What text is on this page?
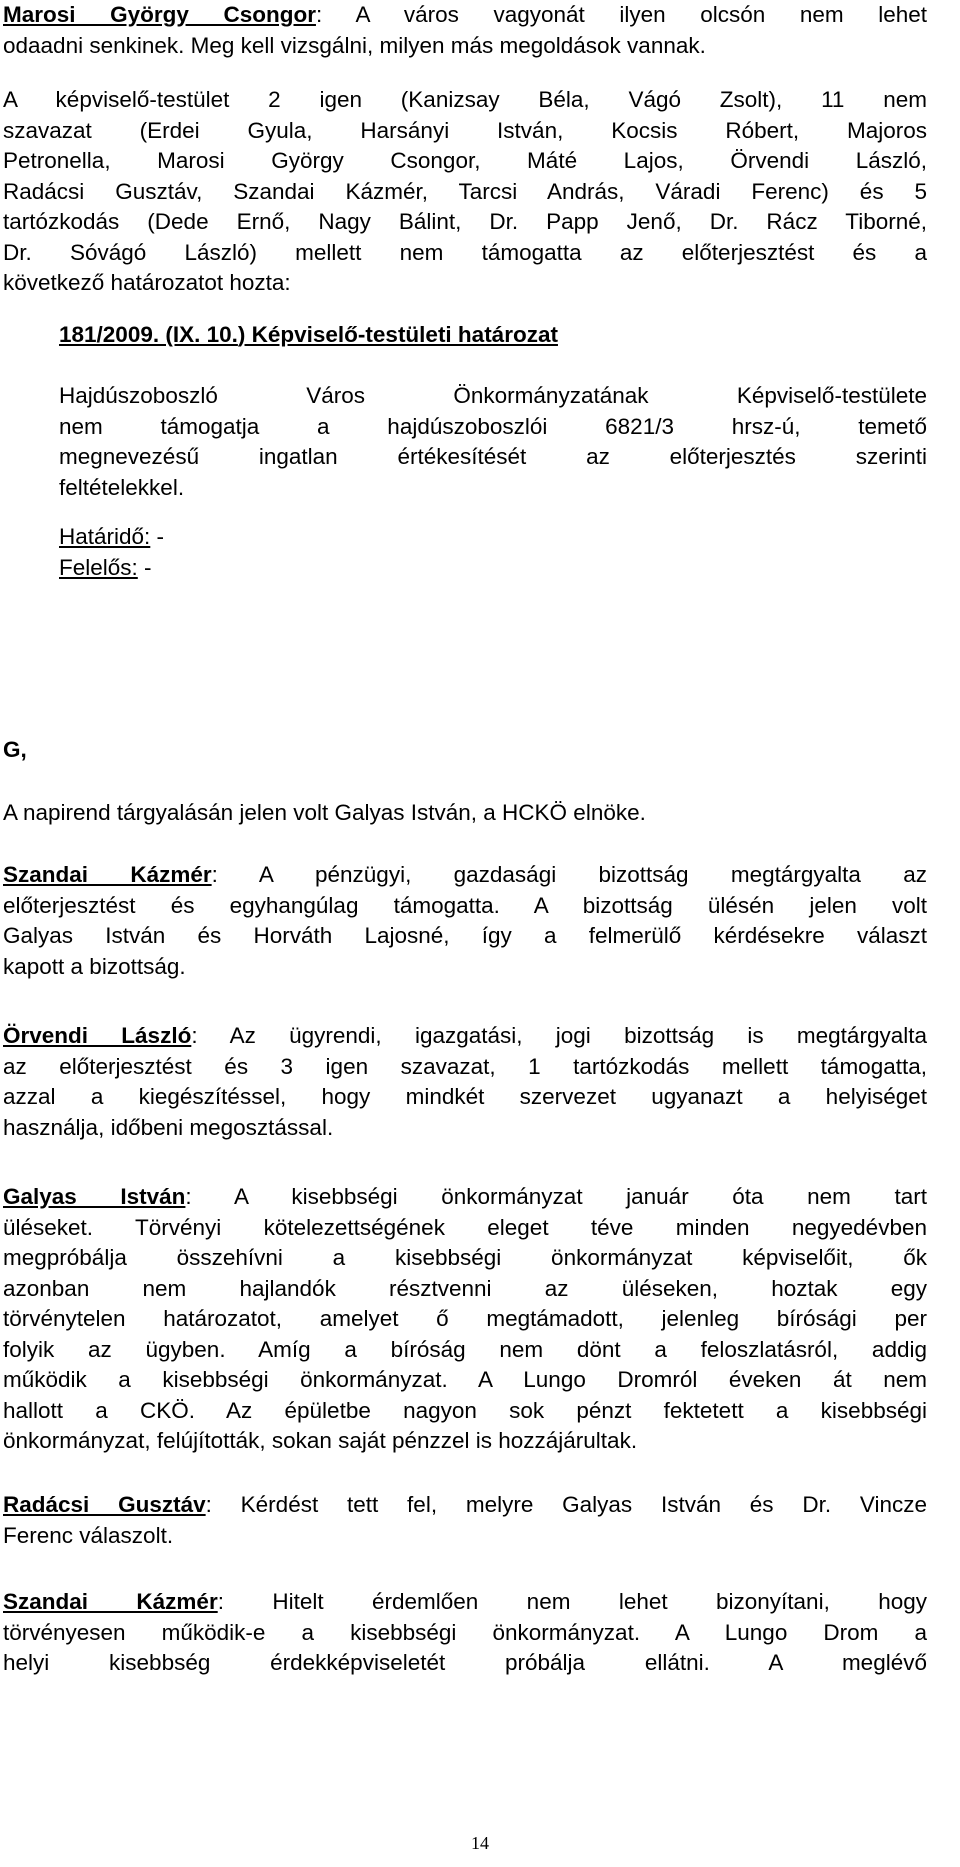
Marosi György Csongor: A város vagyonát ilyen olcsón nem lehet
odaadni senkinek. Meg kell vizsgálni, milyen más megoldások vannak.
A képviselő-testület 2 igen (Kanizsay Béla, Vágó Zsolt), 11 nem
szavazat (Erdei Gyula, Harsányi István, Kocsis Róbert, Majoros
Petronella, Marosi György Csongor, Máté Lajos, Örvendi László,
Radácsi Gusztáv, Szandai Kázmér, Tarcsi András, Váradi Ferenc) és 5
tartózkodás (Dede Ernő, Nagy Bálint, Dr. Papp Jenő, Dr. Rácz Tiborné,
Dr. Sóvágó László) mellett nem támogatta az előterjesztést és a
következő határozatot hozta:
181/2009. (IX. 10.) Képviselő-testületi határozat
Hajdúszoboszló Város Önkormányzatának Képviselő-testülete
nem támogatja a hajdúszoboszlói 6821/3 hrsz-ú, temető
megnevezésű ingatlan értékesítését az előterjesztés szerinti
feltételekkel.
Határidő: -
Felelős: -
G,
A napirend tárgyalásán jelen volt Galyas István, a HCKÖ elnöke.
Szandai Kázmér: A pénzügyi, gazdasági bizottság megtárgyalta az
előterjesztést és egyhangúlag támogatta. A bizottság ülésén jelen volt
Galyas István és Horváth Lajosné, így a felmerülő kérdésekre választ
kapott a bizottság.
Örvendi László: Az ügyrendi, igazgatási, jogi bizottság is megtárgyalta
az előterjesztést és 3 igen szavazat, 1 tartózkodás mellett támogatta,
azzal a kiegészítéssel, hogy mindkét szervezet ugyanazt a helyiséget
használja, időbeni megosztással.
Galyas István: A kisebbségi önkormányzat január óta nem tart
üléseket. Törvényi kötelezettségének eleget téve minden negyedévben
megpróbálja összehívni a kisebbségi önkormányzat képviselőit, ők
azonban nem hajlandók résztvenni az üléseken, hoztak egy
törvénytelen határozatot, amelyet ő megtámadott, jelenleg bírósági per
folyik az ügyben. Amíg a bíróság nem dönt a feloszlatásról, addig
működik a kisebbségi önkormányzat. A Lungo Dromról éveken át nem
hallott a CKÖ. Az épületbe nagyon sok pénzt fektetett a kisebbségi
önkormányzat, felújították, sokan saját pénzzel is hozzájárultak.
Radácsi Gusztáv: Kérdést tett fel, melyre Galyas István és Dr. Vincze
Ferenc válaszolt.
Szandai Kázmér: Hitelt érdemlően nem lehet bizonyítani, hogy
törvényesen működik-e a kisebbségi önkormányzat. A Lungo Drom a
helyi kisebbség érdekképviseletét próbálja ellátni. A meglévő
14
